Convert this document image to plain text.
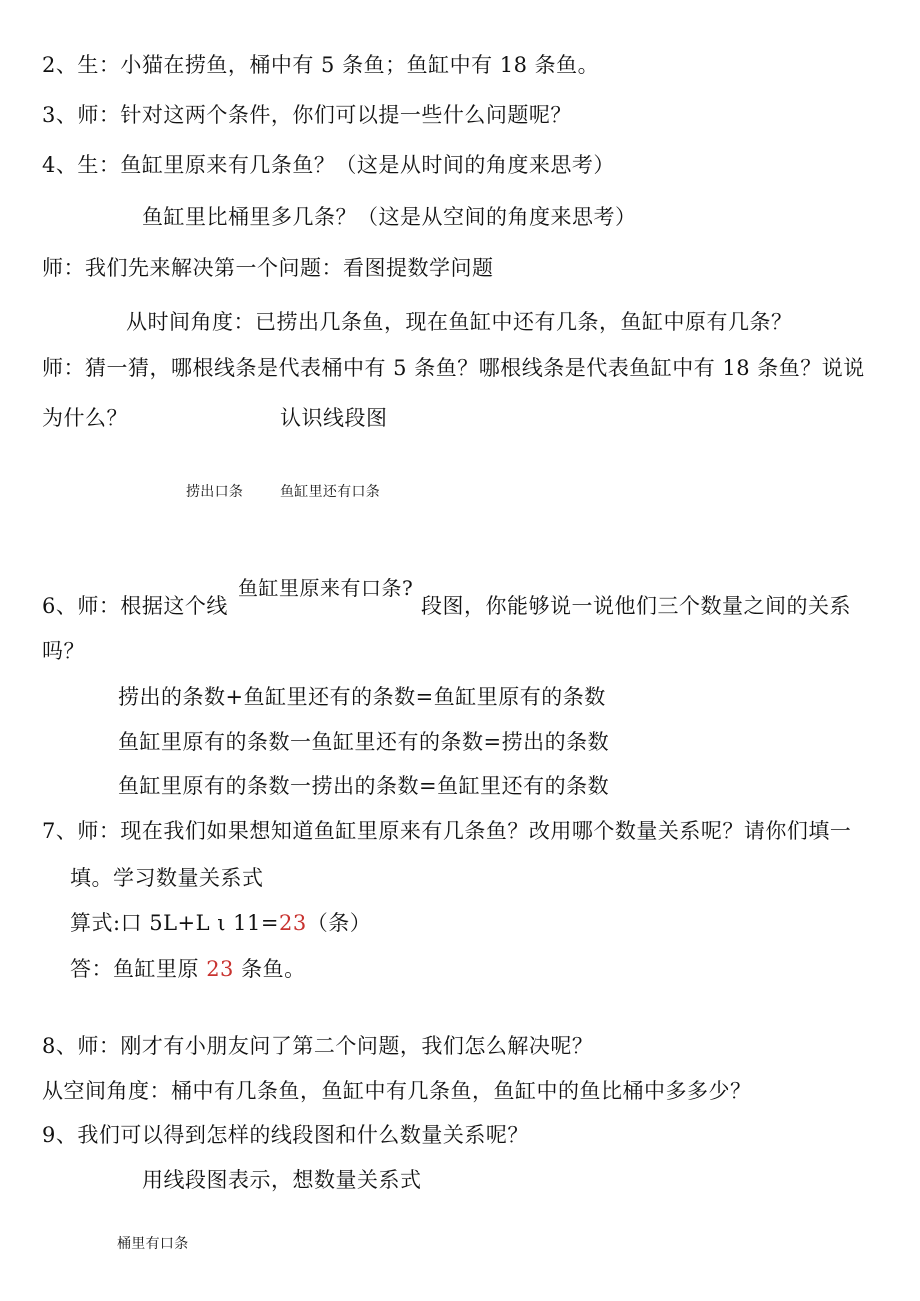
2、生：小猫在捞鱼，桶中有 5 条鱼；鱼缸中有 18 条鱼。
3、师：针对这两个条件，你们可以提一些什么问题呢？
4、生：鱼缸里原来有几条鱼？（这是从时间的角度来思考）
鱼缸里比桶里多几条？（这是从空间的角度来思考）
师：我们先来解决第一个问题：看图提数学问题
从时间角度：已捞出几条鱼，现在鱼缸中还有几条，鱼缸中原有几条？
师：猜一猜，哪根线条是代表桶中有 5 条鱼？哪根线条是代表鱼缸中有 18 条鱼？说说
为什么？	认识线段图
捞出口条	鱼缸里还有口条
鱼缸里原来有口条?
6、师：根据这个线	段图，你能够说一说他们三个数量之间的关系
吗？
捞出的条数+鱼缸里还有的条数=鱼缸里原有的条数
鱼缸里原有的条数一鱼缸里还有的条数=捞出的条数
鱼缸里原有的条数一捞出的条数=鱼缸里还有的条数
7、师：现在我们如果想知道鱼缸里原来有几条鱼？改用哪个数量关系呢？请你们填一
填。学习数量关系式
算式:口 5L+L ι 11=23（条）
答：鱼缸里原 23 条鱼。
8、师：刚才有小朋友问了第二个问题，我们怎么解决呢？
从空间角度：桶中有几条鱼，鱼缸中有几条鱼，鱼缸中的鱼比桶中多多少？
9、我们可以得到怎样的线段图和什么数量关系呢？
用线段图表示，想数量关系式
桶里有口条
